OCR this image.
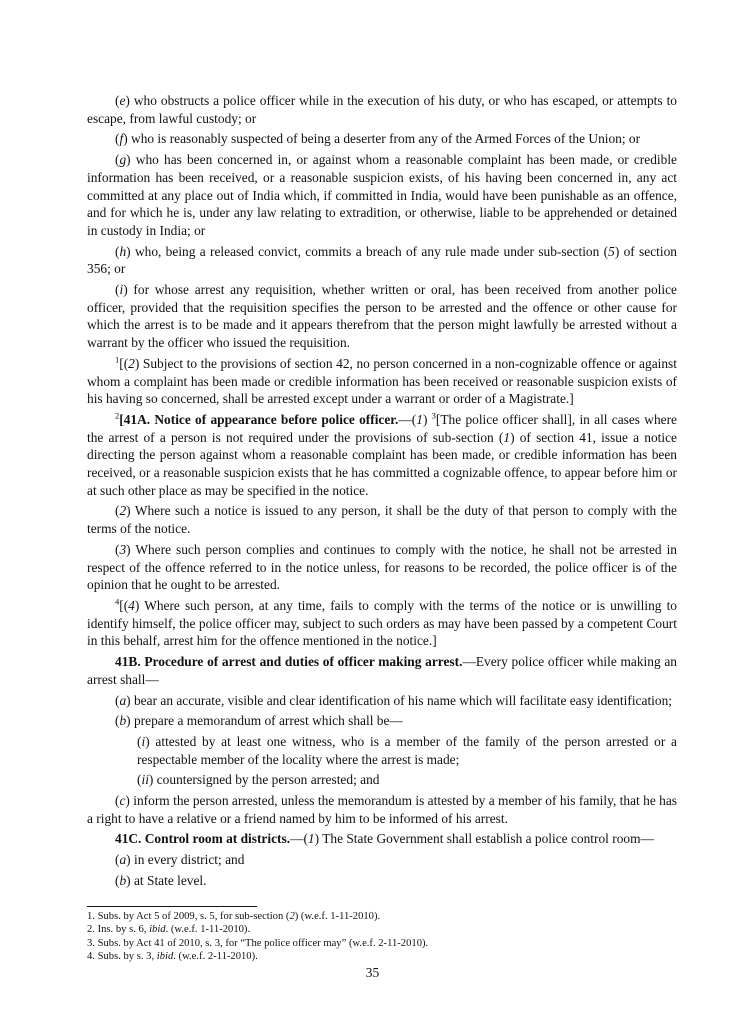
(e) who obstructs a police officer while in the execution of his duty, or who has escaped, or attempts to escape, from lawful custody; or

(f) who is reasonably suspected of being a deserter from any of the Armed Forces of the Union; or

(g) who has been concerned in, or against whom a reasonable complaint has been made, or credible information has been received, or a reasonable suspicion exists, of his having been concerned in, any act committed at any place out of India which, if committed in India, would have been punishable as an offence, and for which he is, under any law relating to extradition, or otherwise, liable to be apprehended or detained in custody in India; or

(h) who, being a released convict, commits a breach of any rule made under sub-section (5) of section 356; or

(i) for whose arrest any requisition, whether written or oral, has been received from another police officer, provided that the requisition specifies the person to be arrested and the offence or other cause for which the arrest is to be made and it appears therefrom that the person might lawfully be arrested without a warrant by the officer who issued the requisition.

$^1$[(2) Subject to the provisions of section 42, no person concerned in a non-cognizable offence or against whom a complaint has been made or credible information has been received or reasonable suspicion exists of his having so concerned, shall be arrested except under a warrant or order of a Magistrate.]

$^2$[41A. Notice of appearance before police officer.—(1) $^3$[The police officer shall], in all cases where the arrest of a person is not required under the provisions of sub-section (1) of section 41, issue a notice directing the person against whom a reasonable complaint has been made, or credible information has been received, or a reasonable suspicion exists that he has committed a cognizable offence, to appear before him or at such other place as may be specified in the notice.

(2) Where such a notice is issued to any person, it shall be the duty of that person to comply with the terms of the notice.

(3) Where such person complies and continues to comply with the notice, he shall not be arrested in respect of the offence referred to in the notice unless, for reasons to be recorded, the police officer is of the opinion that he ought to be arrested.

$^4$[(4) Where such person, at any time, fails to comply with the terms of the notice or is unwilling to identify himself, the police officer may, subject to such orders as may have been passed by a competent Court in this behalf, arrest him for the offence mentioned in the notice.]

41B. Procedure of arrest and duties of officer making arrest.—Every police officer while making an arrest shall—

(a) bear an accurate, visible and clear identification of his name which will facilitate easy identification;

(b) prepare a memorandum of arrest which shall be—

(i) attested by at least one witness, who is a member of the family of the person arrested or a respectable member of the locality where the arrest is made;

(ii) countersigned by the person arrested; and

(c) inform the person arrested, unless the memorandum is attested by a member of his family, that he has a right to have a relative or a friend named by him to be informed of his arrest.

41C. Control room at districts.—(1) The State Government shall establish a police control room—

(a) in every district; and

(b) at State level.

1. Subs. by Act 5 of 2009, s. 5, for sub-section (2) (w.e.f. 1-11-2010).
2. Ins. by s. 6, ibid. (w.e.f. 1-11-2010).
3. Subs. by Act 41 of 2010, s. 3, for “The police officer may” (w.e.f. 2-11-2010).
4. Subs. by s. 3, ibid. (w.e.f. 2-11-2010).
35
